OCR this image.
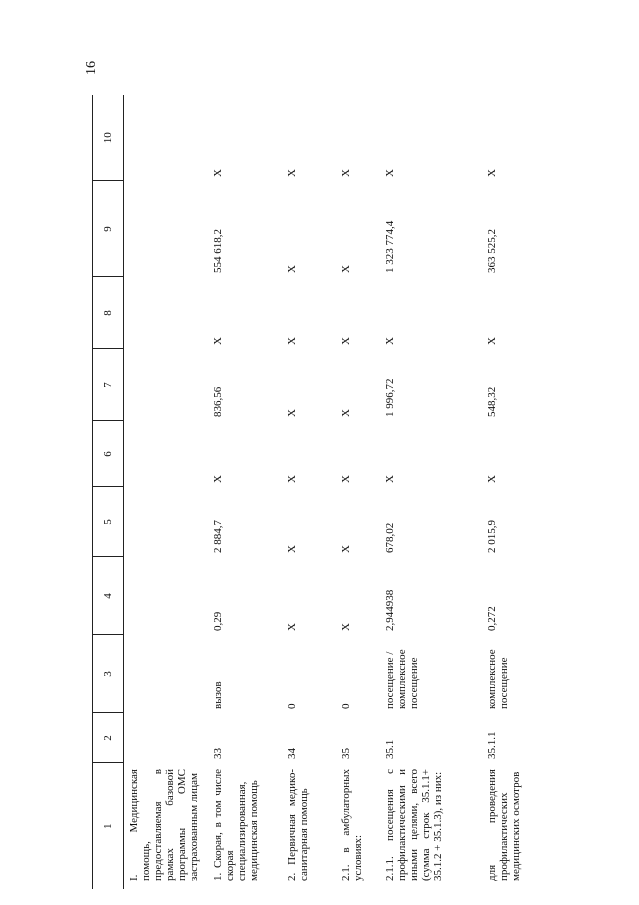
16
1	2	3	4	5	6	7	8	9	10
I. Медицинская помощь, предоставляемая в рамках базовой программы ОМС застрахованным лицам									
1. Скорая, в том числе скорая специализированная, медицинская помощь	33	вызов	0,29	2 884,7	Х	836,56	Х	554 618,2	Х
2. Первичная медико-санитарная помощь	34	0	Х	Х	Х	Х	Х	Х	Х
2.1. в амбулаторных условиях:	35	0	Х	Х	Х	Х	Х	Х	Х
2.1.1. посещения с профилактическими и иными целями, всего (сумма строк 35.1.1+ 35.1.2 + 35.1.3), из них:	35.1	посещение / комплексное посещение	2,944938	678,02	Х	1 996,72	Х	1 323 774,4	Х
для проведения профилактических медицинских осмотров	35.1.1	комплексное посещение	0,272	2 015,9	Х	548,32	Х	363 525,2	Х
